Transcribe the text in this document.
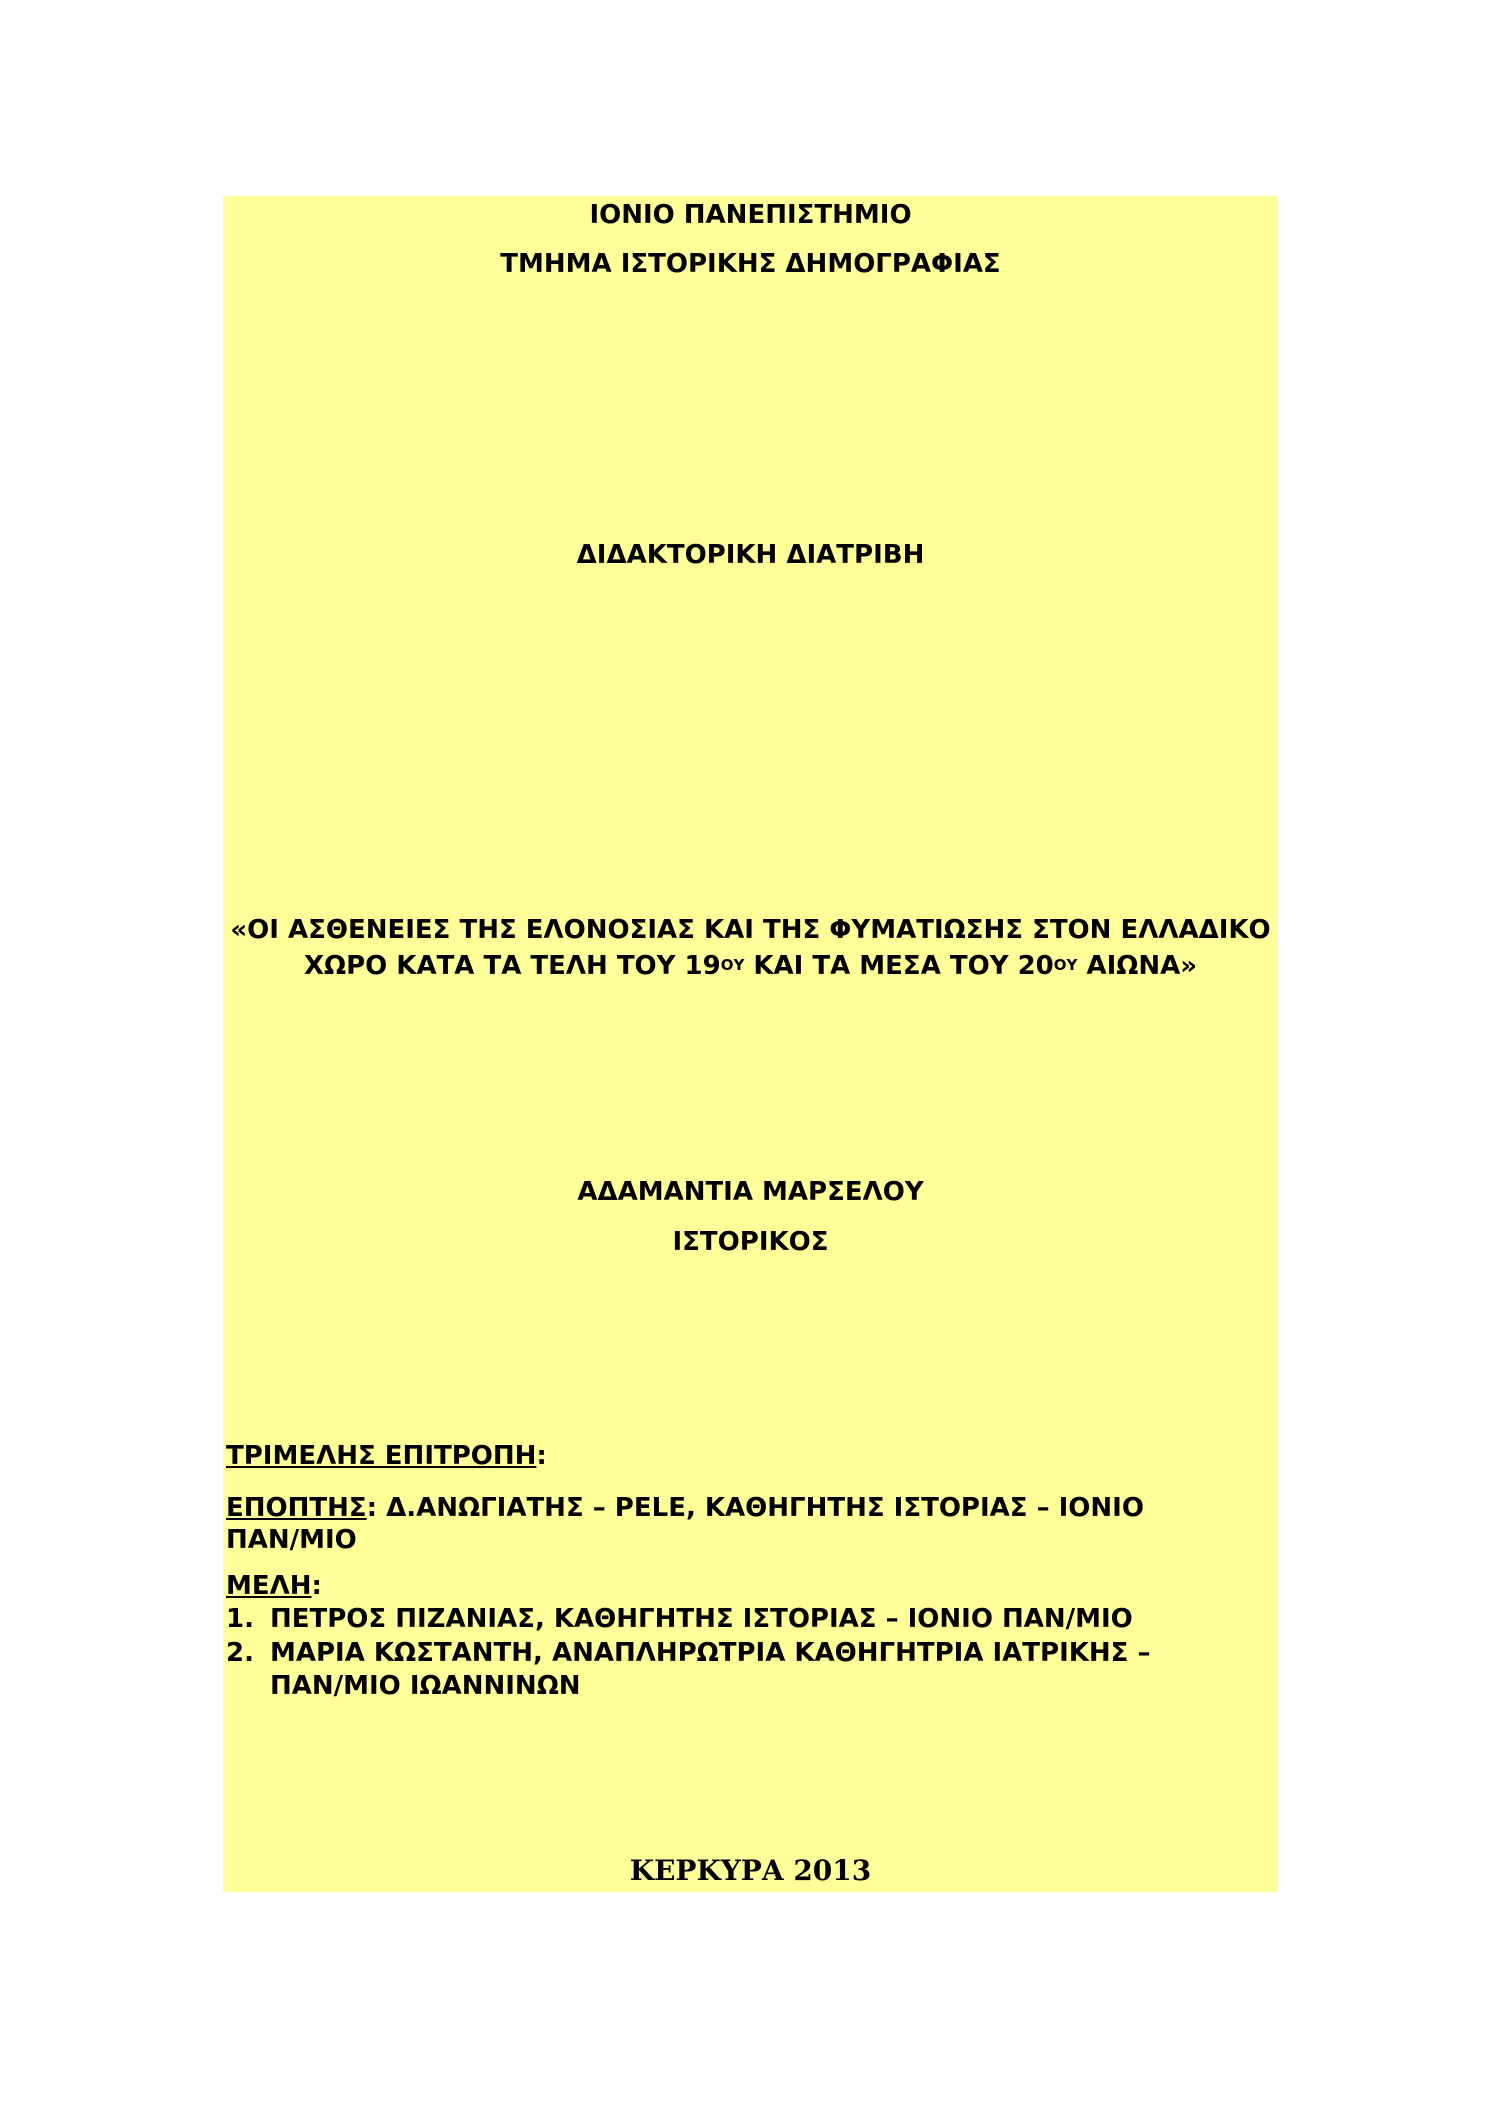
ΙΟΝΙΟ ΠΑΝΕΠΙΣΤΗΜΙΟ
ΤΜΗΜΑ ΙΣΤΟΡΙΚΗΣ ΔΗΜΟΓΡΑΦΙΑΣ
ΔΙΔΑΚΤΟΡΙΚΗ ΔΙΑΤΡΙΒΗ
«ΟΙ ΑΣΘΕΝΕΙΕΣ ΤΗΣ ΕΛΟΝΟΣΙΑΣ ΚΑΙ ΤΗΣ ΦΥΜΑΤΙΩΣΗΣ ΣΤΟΝ ΕΛΛΑΔΙΚΟ
ΧΩΡΟ ΚΑΤΑ ΤΑ ΤΕΛΗ ΤΟΥ $19^{O\Upsilon}$ ΚΑΙ ΤΑ ΜΕΣΑ ΤΟΥ $20^{O\Upsilon}$ ΑΙΩΝΑ»
ΑΔΑΜΑΝΤΙΑ ΜΑΡΣΕΛΟΥ
ΙΣΤΟΡΙΚΟΣ
ΤΡΙΜΕΛΗΣ ΕΠΙΤΡΟΠΗ:
ΕΠΟΠΤΗΣ: Δ.ΑΝΩΓΙΑΤΗΣ – PELE, ΚΑΘΗΓΗΤΗΣ ΙΣΤΟΡΙΑΣ – ΙΟΝΙΟ
ΠΑΝ/ΜΙΟ
ΜΕΛΗ:
1. ΠΕΤΡΟΣ ΠΙΖΑΝΙΑΣ, ΚΑΘΗΓΗΤΗΣ ΙΣΤΟΡΙΑΣ – ΙΟΝΙΟ ΠΑΝ/ΜΙΟ
2. ΜΑΡΙΑ ΚΩΣΤΑΝΤΗ, ΑΝΑΠΛΗΡΩΤΡΙΑ ΚΑΘΗΓΗΤΡΙΑ ΙΑΤΡΙΚΗΣ –
ΠΑΝ/ΜΙΟ ΙΩΑΝΝΙΝΩΝ
ΚΕΡΚΥΡΑ 2013
